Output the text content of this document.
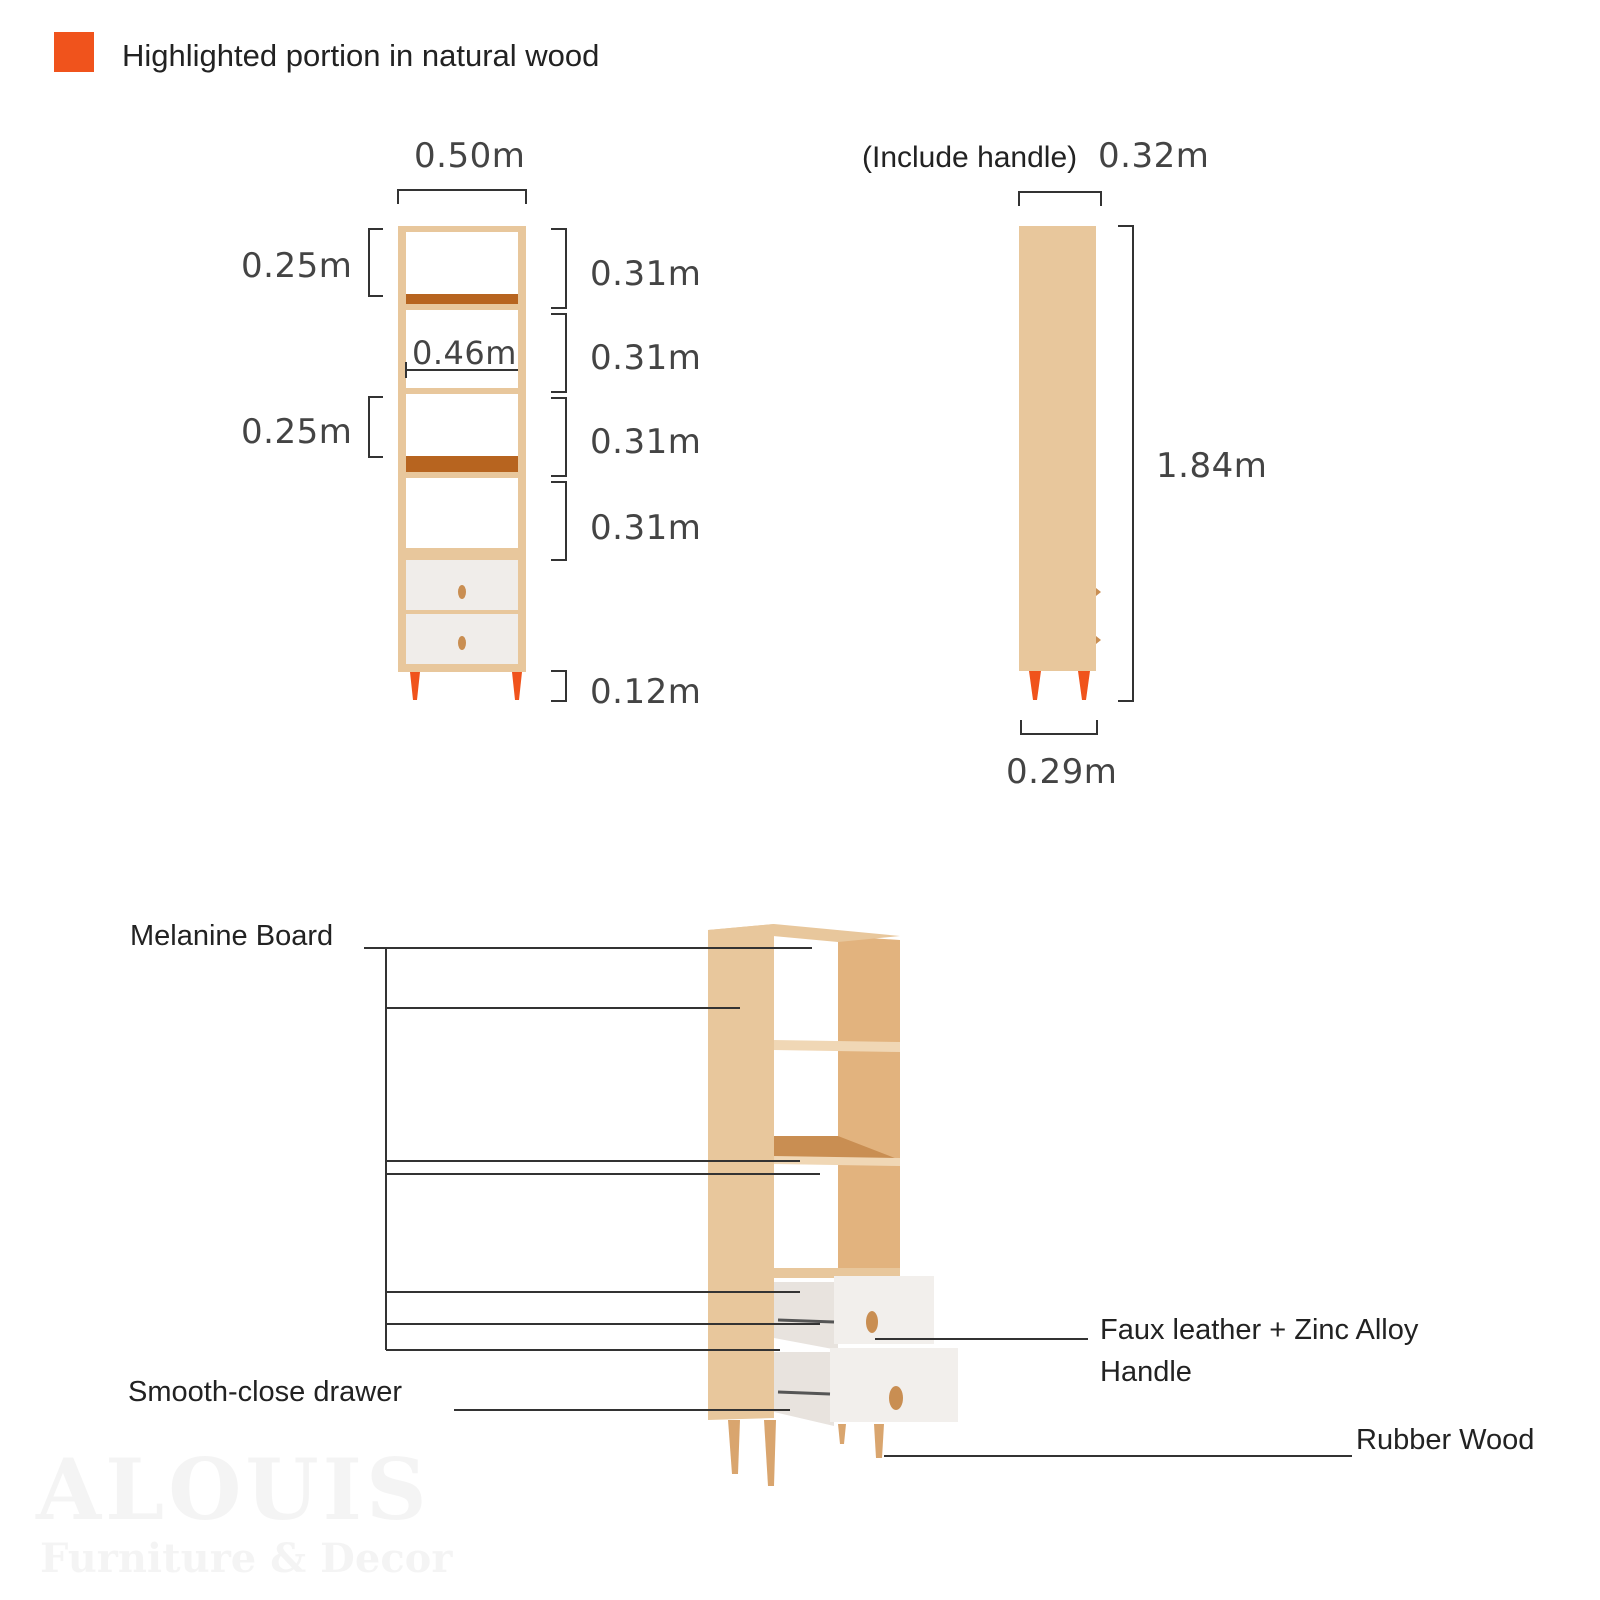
Highlighted portion in natural wood
0.50m
0.25m
0.25m
0.46m
0.31m
0.31m
0.31m
0.31m
0.12m
(Include handle) 0.32m
1.84m
0.29m
Melanine Board
Smooth-close drawer
Faux leather + Zinc Alloy
Handle
Rubber Wood
